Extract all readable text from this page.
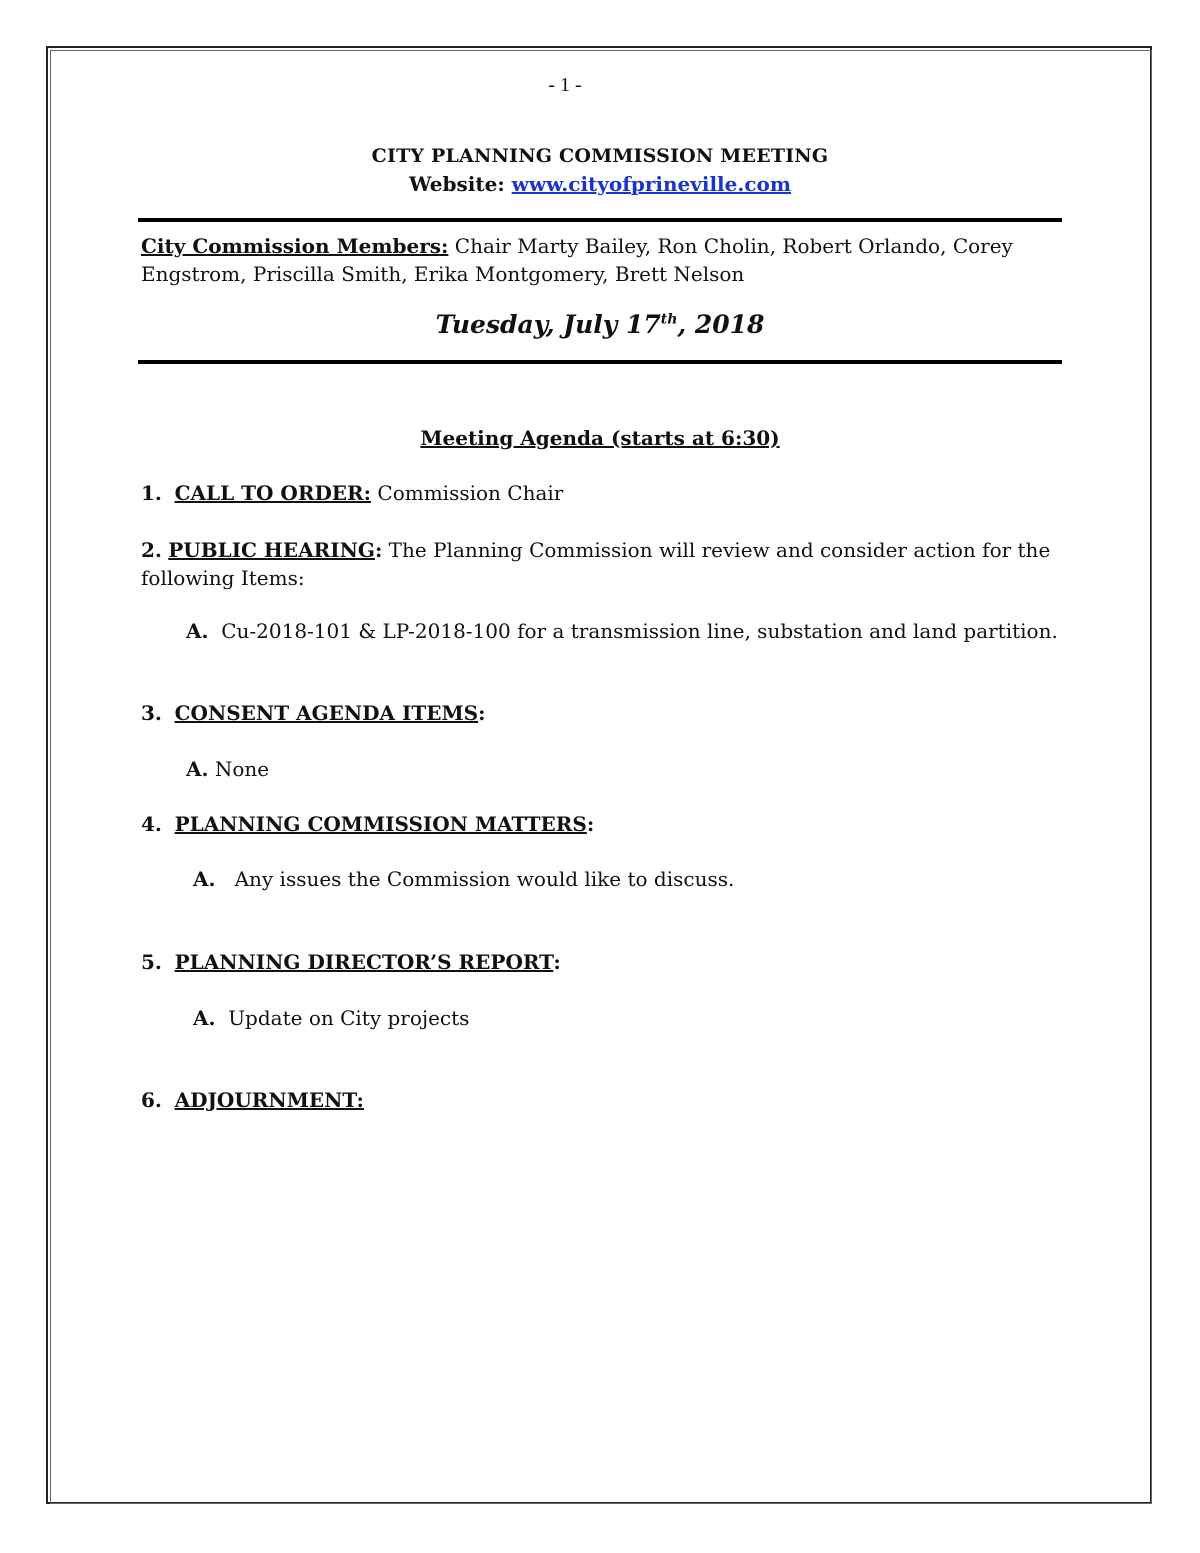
- 1 -
CITY PLANNING COMMISSION MEETING
Website: www.cityofprineville.com
City Commission Members: Chair Marty Bailey, Ron Cholin, Robert Orlando, Corey Engstrom, Priscilla Smith, Erika Montgomery, Brett Nelson
Tuesday, July 17th, 2018
Meeting Agenda (starts at 6:30)
1. CALL TO ORDER: Commission Chair
2. PUBLIC HEARING: The Planning Commission will review and consider action for the following Items:
A. Cu-2018-101 & LP-2018-100 for a transmission line, substation and land partition.
3. CONSENT AGENDA ITEMS:
A. None
4. PLANNING COMMISSION MATTERS:
A. Any issues the Commission would like to discuss.
5. PLANNING DIRECTOR’S REPORT:
A. Update on City projects
6. ADJOURNMENT:
